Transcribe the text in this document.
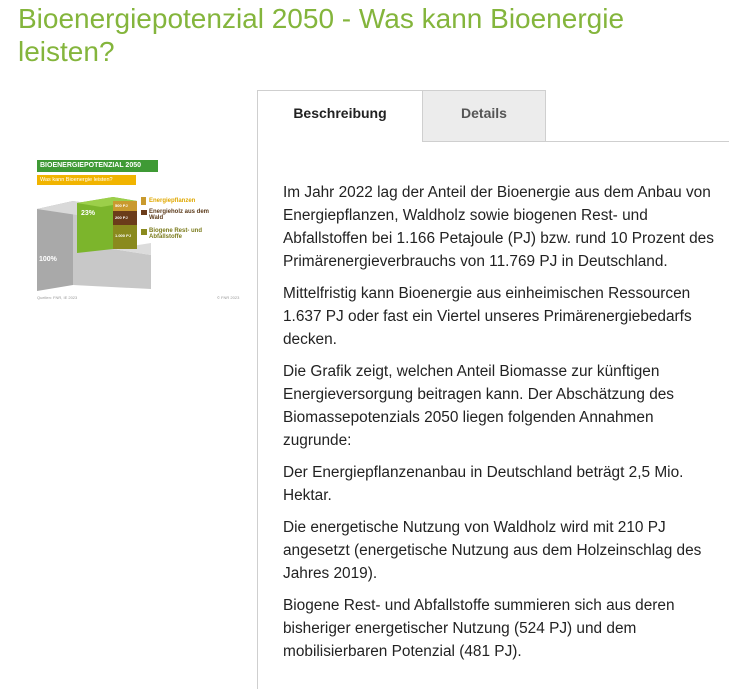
Bioenergiepotenzial 2050 - Was kann Bioenergie leisten?
BIOENERGIEPOTENZIAL 2050
Was kann Bioenergie leisten?
100%
23%
500 PJ
200 PJ
1.000 PJ
Energiepflanzen
Energieholz aus dem Wald
Biogene Rest- und Abfallstoffe
Quellen: FNR, IE 2023	© FNR 2023
Beschreibung	Details

Im Jahr 2022 lag der Anteil der Bioenergie aus dem Anbau von Energiepflanzen, Waldholz sowie biogenen Rest- und Abfallstoffen bei 1.166 Petajoule (PJ) bzw. rund 10 Prozent des Primärenergieverbrauchs von 11.769 PJ in Deutschland.

Mittelfristig kann Bioenergie aus einheimischen Ressourcen 1.637 PJ oder fast ein Viertel unseres Primärenergiebedarfs decken.

Die Grafik zeigt, welchen Anteil Biomasse zur künftigen Energieversorgung beitragen kann. Der Abschätzung des Biomassepotenzials 2050 liegen folgenden Annahmen zugrunde:

Der Energiepflanzenanbau in Deutschland beträgt 2,5 Mio. Hektar.

Die energetische Nutzung von Waldholz wird mit 210 PJ angesetzt (energetische Nutzung aus dem Holzeinschlag des Jahres 2019).

Biogene Rest- und Abfallstoffe summieren sich aus deren bisheriger energetischer Nutzung (524 PJ) und dem mobilisierbaren Potenzial (481 PJ).
